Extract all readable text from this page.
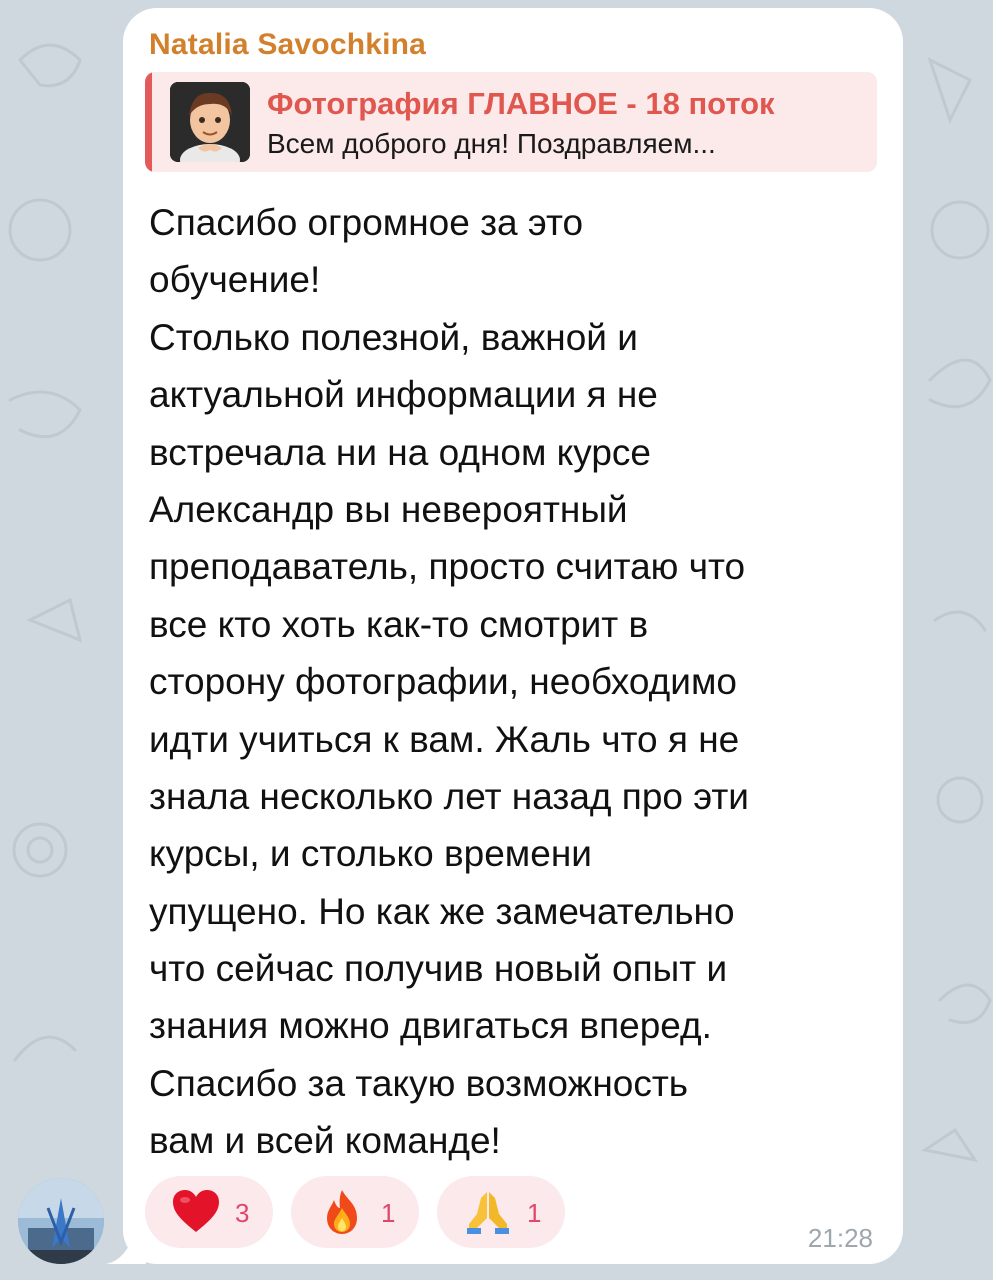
Natalia Savochkina
Фотография ГЛАВНОЕ - 18 поток
Всем доброго дня! Поздравляем...
Спасибо огромное за это
обучение!
Столько полезной, важной и
актуальной информации я не
встречала ни на одном курсе
Александр вы невероятный
преподаватель, просто считаю что
все кто хоть как-то смотрит в
сторону фотографии, необходимо
идти учиться к вам. Жаль что я не
знала несколько лет назад про эти
курсы, и столько времени
упущено. Но как же замечательно
что сейчас получив новый опыт и
знания можно двигаться вперед.
Спасибо за такую возможность
вам и всей команде!
3	1	1
21:28
